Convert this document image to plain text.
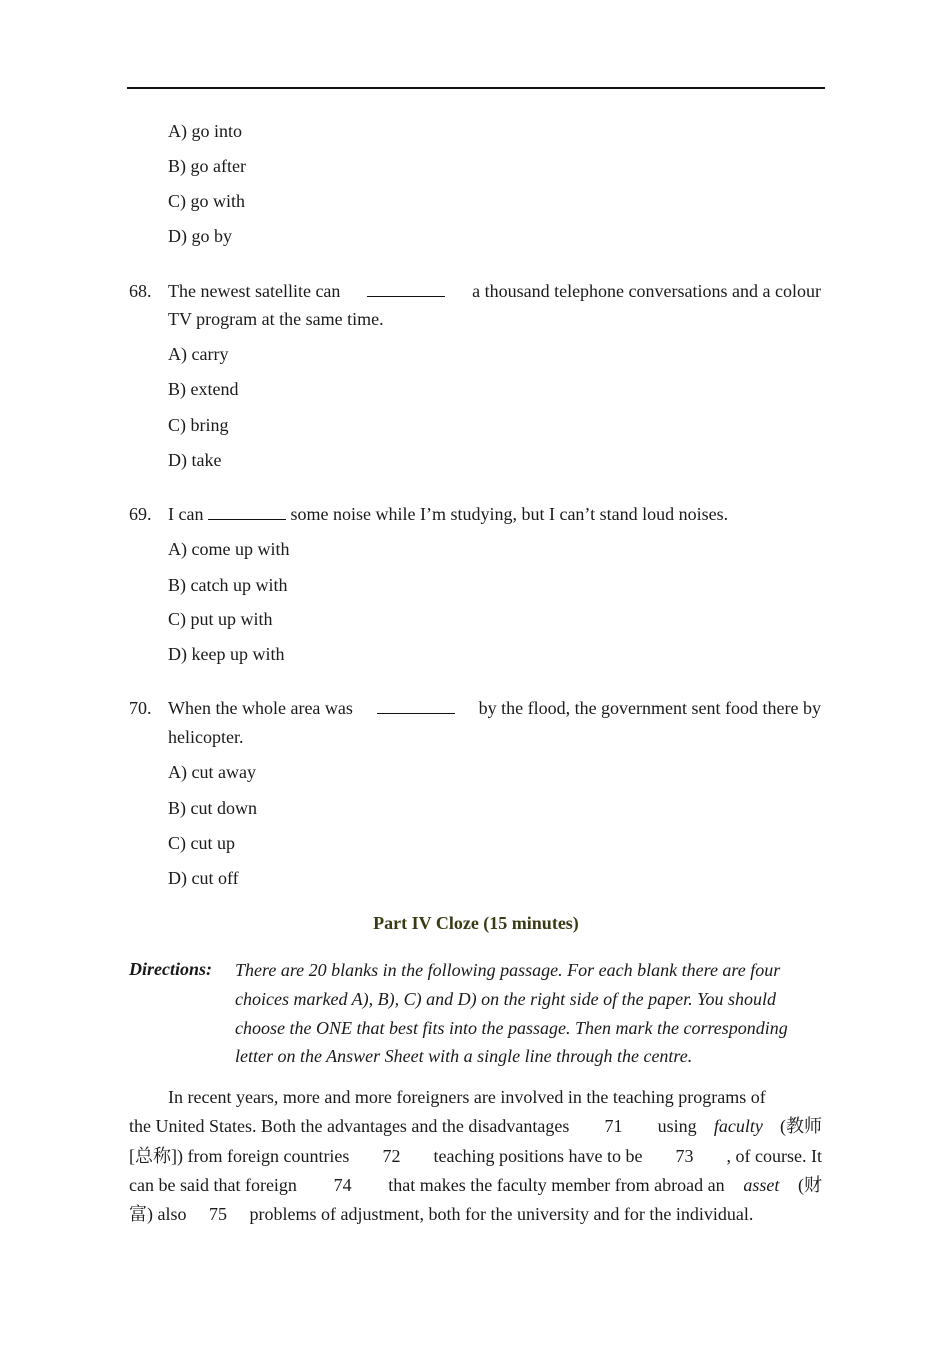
A) go into
B) go after
C) go with
D) go by
68. The newest satellite can	a thousand telephone conversations and a colour
TV program at the same time.
A) carry
B) extend
C) bring
D) take
69. I can	some noise while I’m studying, but I can’t stand loud noises.
A) come up with
B) catch up with
C) put up with
D) keep up with
70. When the whole area was	by the flood, the government sent food there by
helicopter.
A) cut away
B) cut down
C) cut up
D) cut off
Part IV Cloze (15 minutes)
Directions: There are 20 blanks in the following passage. For each blank there are four
choices marked A), B), C) and D) on the right side of the paper. You should
choose the ONE that best fits into the passage. Then mark the corresponding
letter on the Answer Sheet with a single line through the centre.
In recent years, more and more foreigners are involved in the teaching programs of
the United States. Both the advantages and the disadvantages	71	using faculty (教师
[总称]) from foreign countries	72	teaching positions have to be	73	, of course. It
can be said that foreign	74	that makes the faculty member from abroad an asset (财
富) also 75 problems of adjustment, both for the university and for the individual.
